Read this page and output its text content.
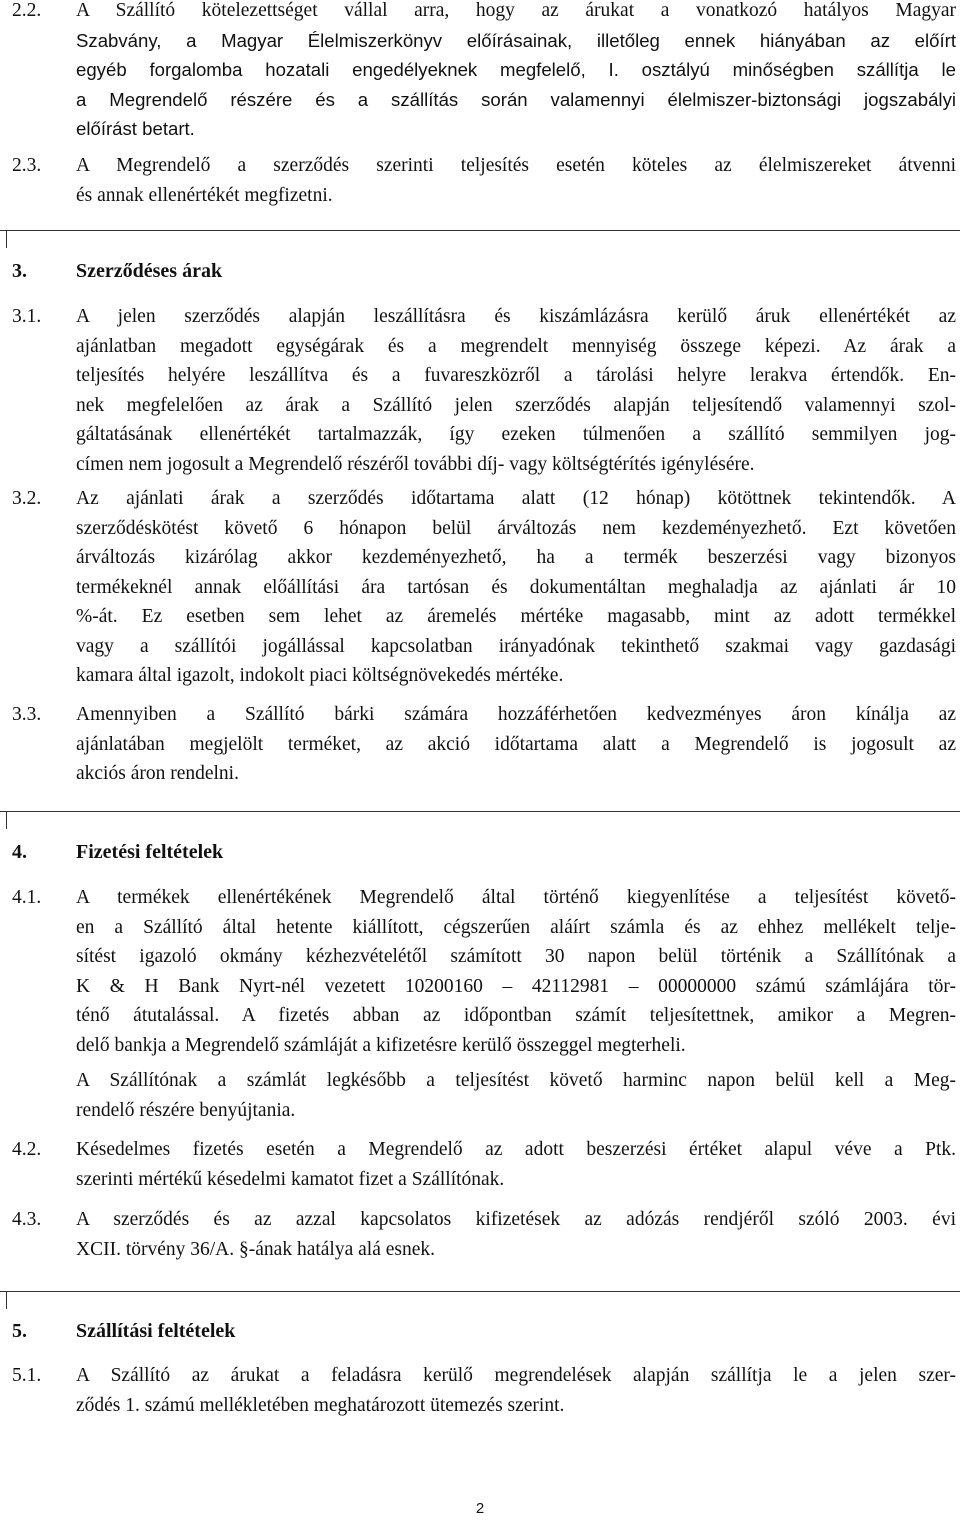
2.2.	A Szállító kötelezettséget vállal arra, hogy az árukat a vonatkozó hatályos Magyar
Szabvány, a Magyar Élelmiszerkönyv előírásainak, illetőleg ennek hiányában az előírt
egyéb forgalomba hozatali engedélyeknek megfelelő, I. osztályú minőségben szállítja le
a Megrendelő részére és a szállítás során valamennyi élelmiszer-biztonsági jogszabályi
előírást betart.
2.3.	A Megrendelő a szerződés szerinti teljesítés esetén köteles az élelmiszereket átvenni
és annak ellenértékét megfizetni.
3.	Szerződéses árak
3.1.	A jelen szerződés alapján leszállításra és kiszámlázásra kerülő áruk ellenértékét az
ajánlatban megadott egységárak és a megrendelt mennyiség összege képezi. Az árak a
teljesítés helyére leszállítva és a fuvareszközről a tárolási helyre lerakva értendők. En-
nek megfelelően az árak a Szállító jelen szerződés alapján teljesítendő valamennyi szol-
gáltatásának ellenértékét tartalmazzák, így ezeken túlmenően a szállító semmilyen jog-
címen nem jogosult a Megrendelő részéről további díj- vagy költségtérítés igénylésére.
3.2.	Az ajánlati árak a szerződés időtartama alatt (12 hónap) kötöttnek tekintendők. A
szerződéskötést követő 6 hónapon belül árváltozás nem kezdeményezhető. Ezt követően
árváltozás kizárólag akkor kezdeményezhető, ha a termék beszerzési vagy bizonyos
termékeknél annak előállítási ára tartósan és dokumentáltan meghaladja az ajánlati ár 10
%-át. Ez esetben sem lehet az áremelés mértéke magasabb, mint az adott termékkel
vagy a szállítói jogállással kapcsolatban irányadónak tekinthető szakmai vagy gazdasági
kamara által igazolt, indokolt piaci költségnövekedés mértéke.
3.3.	Amennyiben a Szállító bárki számára hozzáférhetően kedvezményes áron kínálja az
ajánlatában megjelölt terméket, az akció időtartama alatt a Megrendelő is jogosult az
akciós áron rendelni.
4.	Fizetési feltételek
4.1.	A termékek ellenértékének Megrendelő által történő kiegyenlítése a teljesítést követő-
en a Szállító által hetente kiállított, cégszerűen aláírt számla és az ehhez mellékelt telje-
sítést igazoló okmány kézhezvételétől számított 30 napon belül történik a Szállítónak a
K & H Bank Nyrt-nél vezetett 10200160 – 42112981 – 00000000 számú számlájára tör-
ténő átutalással. A fizetés abban az időpontban számít teljesítettnek, amikor a Megren-
delő bankja a Megrendelő számláját a kifizetésre kerülő összeggel megterheli.
A Szállítónak a számlát legkésőbb a teljesítést követő harminc napon belül kell a Meg-
rendelő részére benyújtania.
4.2.	Késedelmes fizetés esetén a Megrendelő az adott beszerzési értéket alapul véve a Ptk.
szerinti mértékű késedelmi kamatot fizet a Szállítónak.
4.3.	A szerződés és az azzal kapcsolatos kifizetések az adózás rendjéről szóló 2003. évi
XCII. törvény 36/A. §-ának hatálya alá esnek.
5.	Szállítási feltételek
5.1.	A Szállító az árukat a feladásra kerülő megrendelések alapján szállítja le a jelen szer-
ződés 1. számú mellékletében meghatározott ütemezés szerint.
2
